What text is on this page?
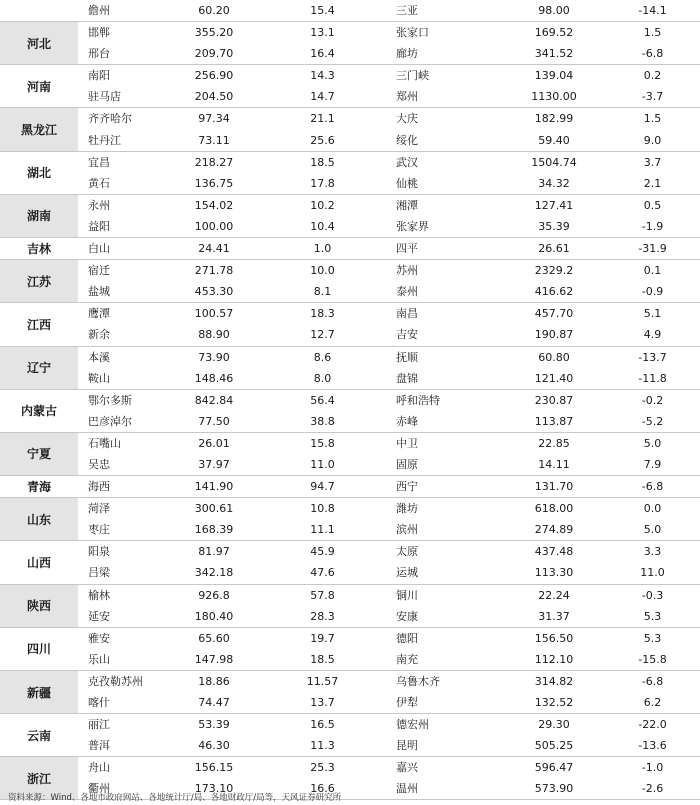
儋州	60.20	15.4	三亚	98.00	-14.1
河北
邯郸	355.20	13.1	张家口	169.52	1.5
邢台	209.70	16.4	廊坊	341.52	-6.8
河南
南阳	256.90	14.3	三门峡	139.04	0.2
驻马店	204.50	14.7	郑州	1130.00	-3.7
黑龙江
齐齐哈尔	97.34	21.1	大庆	182.99	1.5
牡丹江	73.11	25.6	绥化	59.40	9.0
湖北
宜昌	218.27	18.5	武汉	1504.74	3.7
黄石	136.75	17.8	仙桃	34.32	2.1
湖南
永州	154.02	10.2	湘潭	127.41	0.5
益阳	100.00	10.4	张家界	35.39	-1.9
吉林	白山	24.41	1.0	四平	26.61	-31.9
江苏
宿迁	271.78	10.0	苏州	2329.2	0.1
盐城	453.30	8.1	泰州	416.62	-0.9
江西
鹰潭	100.57	18.3	南昌	457.70	5.1
新余	88.90	12.7	吉安	190.87	4.9
辽宁
本溪	73.90	8.6	抚顺	60.80	-13.7
鞍山	148.46	8.0	盘锦	121.40	-11.8
内蒙古
鄂尔多斯	842.84	56.4	呼和浩特	230.87	-0.2
巴彦淖尔	77.50	38.8	赤峰	113.87	-5.2
宁夏
石嘴山	26.01	15.8	中卫	22.85	5.0
吴忠	37.97	11.0	固原	14.11	7.9
青海	海西	141.90	94.7	西宁	131.70	-6.8
山东
菏泽	300.61	10.8	潍坊	618.00	0.0
枣庄	168.39	11.1	滨州	274.89	5.0
山西
阳泉	81.97	45.9	太原	437.48	3.3
吕梁	342.18	47.6	运城	113.30	11.0
陕西
榆林	926.8	57.8	铜川	22.24	-0.3
延安	180.40	28.3	安康	31.37	5.3
四川
雅安	65.60	19.7	德阳	156.50	5.3
乐山	147.98	18.5	南充	112.10	-15.8
新疆
克孜勒苏州	18.86	11.57	乌鲁木齐	314.82	-6.8
喀什	74.47	13.7	伊犁	132.52	6.2
云南
丽江	53.39	16.5	德宏州	29.30	-22.0
普洱	46.30	11.3	昆明	505.25	-13.6
浙江
舟山	156.15	25.3	嘉兴	596.47	-1.0
衢州	173.10	16.6	温州	573.90	-2.6
资料来源：Wind、各地市政府网站、各地统计厅/局、各地财政厅/局等，天风证券研究所
